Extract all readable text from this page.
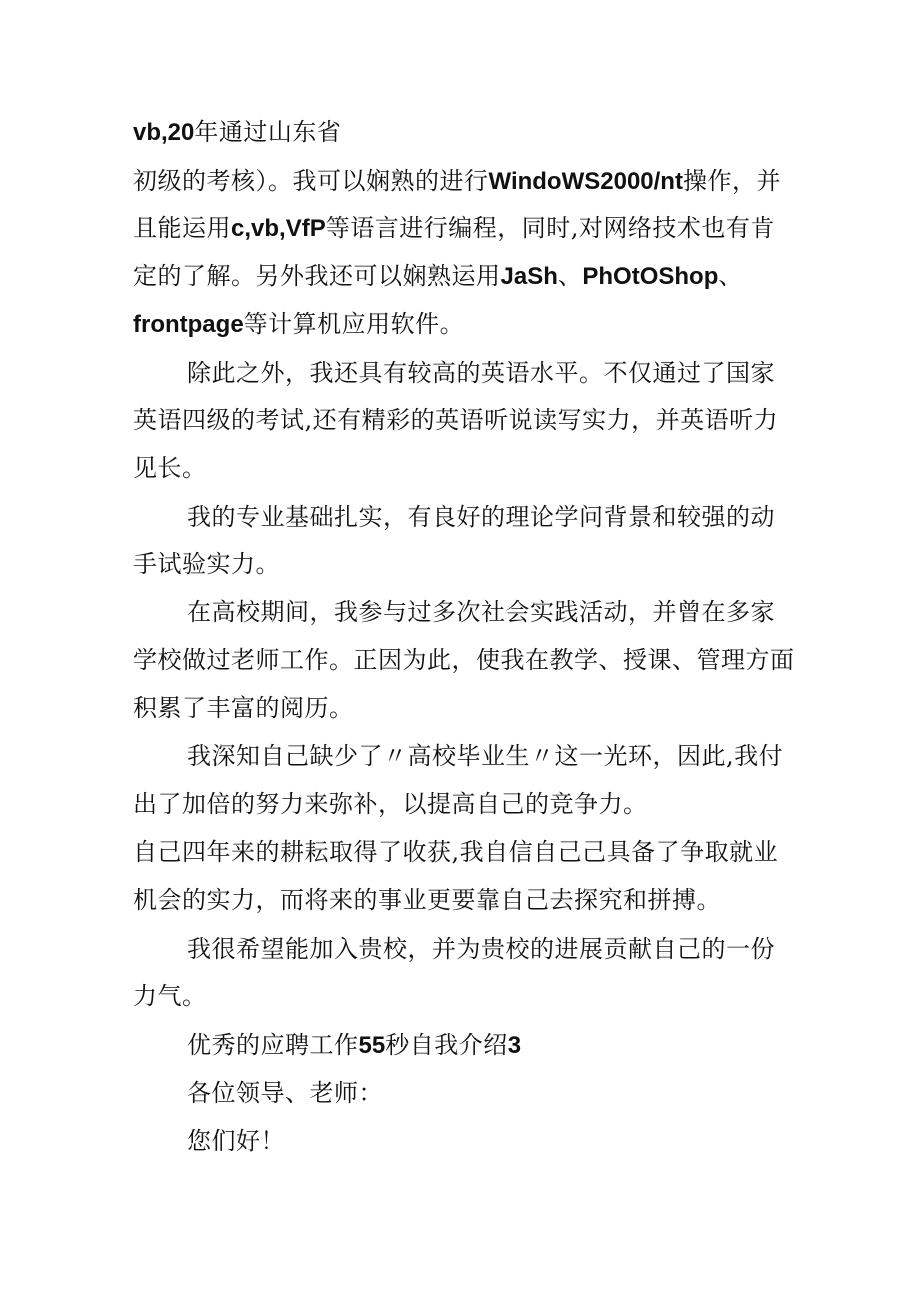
vb,20年通过山东省
初级的考核）。我可以娴熟的进行WindoWS2000/nt操作，并
且能运用c,vb,VfP等语言进行编程，同时,对网络技术也有肯
定的了解。另外我还可以娴熟运用JaSh、PhOtOShop、
frontpage等计算机应用软件。
除此之外，我还具有较高的英语水平。不仅通过了国家
英语四级的考试,还有精彩的英语听说读写实力，并英语听力
见长。
我的专业基础扎实，有良好的理论学问背景和较强的动
手试验实力。
在高校期间，我参与过多次社会实践活动，并曾在多家
学校做过老师工作。正因为此，使我在教学、授课、管理方面
积累了丰富的阅历。
我深知自己缺少了〃高校毕业生〃这一光环，因此,我付
出了加倍的努力来弥补，以提高自己的竞争力。
自己四年来的耕耘取得了收获,我自信自己己具备了争取就业
机会的实力，而将来的事业更要靠自己去探究和拼搏。
我很希望能加入贵校，并为贵校的进展贡献自己的一份
力气。
优秀的应聘工作55秒自我介绍3
各位领导、老师：
您们好！
